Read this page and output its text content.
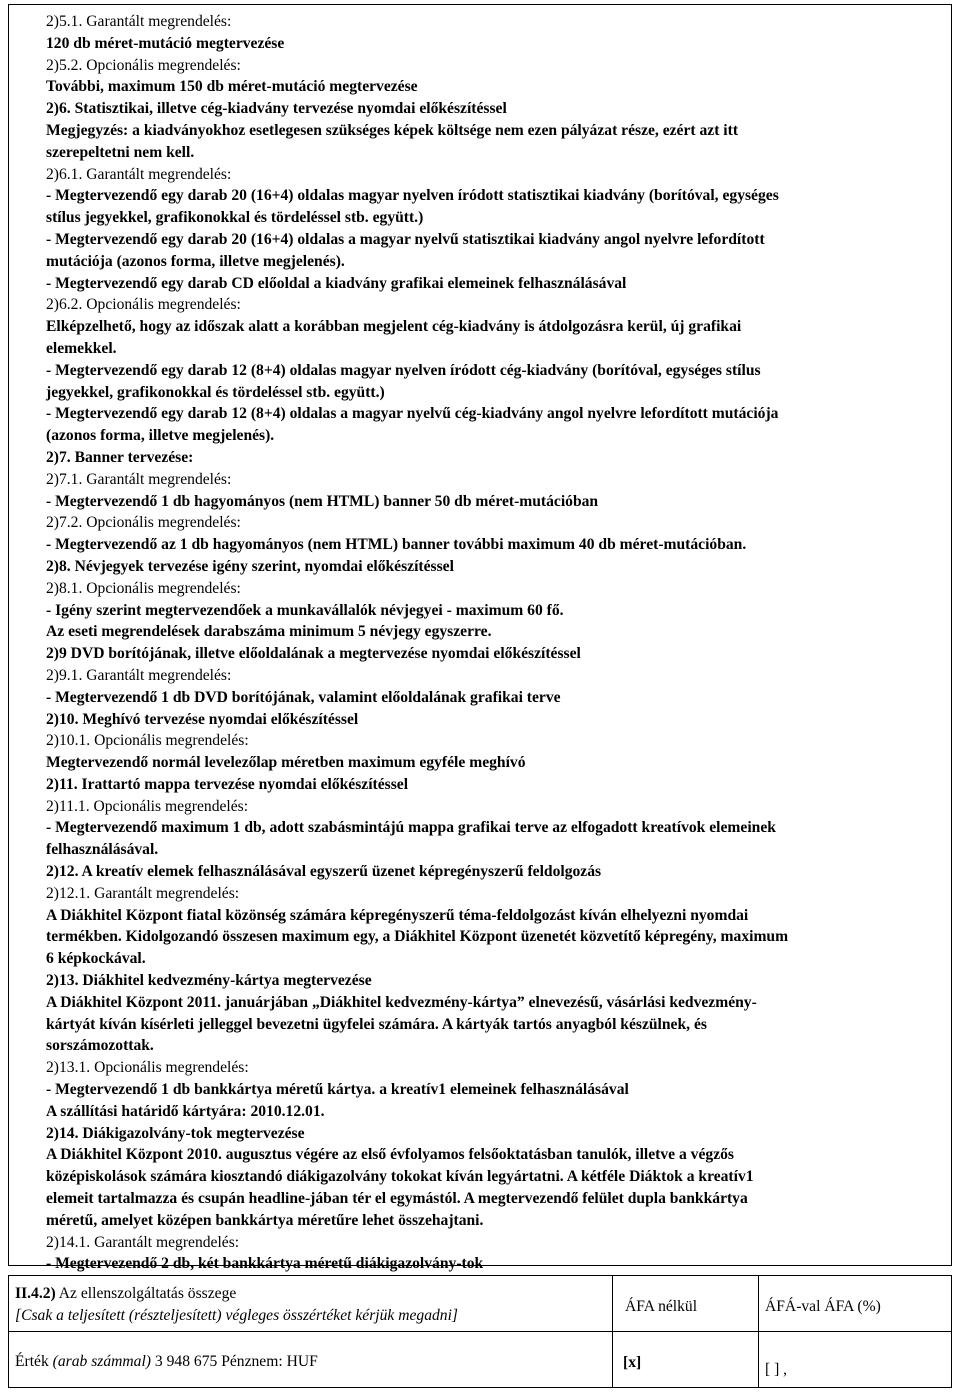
2)5.1. Garantált megrendelés:
120 db méret-mutáció megtervezése
2)5.2. Opcionális megrendelés:
További, maximum 150 db méret-mutáció megtervezése
2)6. Statisztikai, illetve cég-kiadvány tervezése nyomdai előkészítéssel
Megjegyzés: a kiadványokhoz esetlegesen szükséges képek költsége nem ezen pályázat része, ezért azt itt
szerepeltetni nem kell.
2)6.1. Garantált megrendelés:
- Megtervezendő egy darab 20 (16+4) oldalas magyar nyelven íródott statisztikai kiadvány (borítóval, egységes
stílus jegyekkel, grafikonokkal és tördeléssel stb. együtt.)
- Megtervezendő egy darab 20 (16+4) oldalas a magyar nyelvű statisztikai kiadvány angol nyelvre lefordított
mutációja (azonos forma, illetve megjelenés).
- Megtervezendő egy darab CD előoldal a kiadvány grafikai elemeinek felhasználásával
2)6.2. Opcionális megrendelés:
Elképzelhető, hogy az időszak alatt a korábban megjelent cég-kiadvány is átdolgozásra kerül, új grafikai
elemekkel.
- Megtervezendő egy darab 12 (8+4) oldalas magyar nyelven íródott cég-kiadvány (borítóval, egységes stílus
jegyekkel, grafikonokkal és tördeléssel stb. együtt.)
- Megtervezendő egy darab 12 (8+4) oldalas a magyar nyelvű cég-kiadvány angol nyelvre lefordított mutációja
(azonos forma, illetve megjelenés).
2)7. Banner tervezése:
2)7.1. Garantált megrendelés:
- Megtervezendő 1 db hagyományos (nem HTML) banner 50 db méret-mutációban
2)7.2. Opcionális megrendelés:
- Megtervezendő az 1 db hagyományos (nem HTML) banner további maximum 40 db méret-mutációban.
2)8. Névjegyek tervezése igény szerint, nyomdai előkészítéssel
2)8.1. Opcionális megrendelés:
- Igény szerint megtervezendőek a munkavállalók névjegyei - maximum 60 fő.
Az eseti megrendelések darabszáma minimum 5 névjegy egyszerre.
2)9 DVD borítójának, illetve előoldalának a megtervezése nyomdai előkészítéssel
2)9.1. Garantált megrendelés:
- Megtervezendő 1 db DVD borítójának, valamint előoldalának grafikai terve
2)10. Meghívó tervezése nyomdai előkészítéssel
2)10.1. Opcionális megrendelés:
Megtervezendő normál levelezőlap méretben maximum egyféle meghívó
2)11. Irattartó mappa tervezése nyomdai előkészítéssel
2)11.1. Opcionális megrendelés:
- Megtervezendő maximum 1 db, adott szabásmintájú mappa grafikai terve az elfogadott kreatívok elemeinek
felhasználásával.
2)12. A kreatív elemek felhasználásával egyszerű üzenet képregényszerű feldolgozás
2)12.1. Garantált megrendelés:
A Diákhitel Központ fiatal közönség számára képregényszerű téma-feldolgozást kíván elhelyezni nyomdai
termékben. Kidolgozandó összesen maximum egy, a Diákhitel Központ üzenetét közvetítő képregény, maximum
6 képkockával.
2)13. Diákhitel kedvezmény-kártya megtervezése
A Diákhitel Központ 2011. januárjában „Diákhitel kedvezmény-kártya” elnevezésű, vásárlási kedvezmény-
kártyát kíván kísérleti jelleggel bevezetni ügyfelei számára. A kártyák tartós anyagból készülnek, és
sorszámozottak.
2)13.1. Opcionális megrendelés:
- Megtervezendő 1 db bankkártya méretű kártya. a kreatív1 elemeinek felhasználásával
A szállítási határidő kártyára: 2010.12.01.
2)14. Diákigazolvány-tok megtervezése
A Diákhitel Központ 2010. augusztus végére az első évfolyamos felsőoktatásban tanulók, illetve a végzős
középiskolások számára kiosztandó diákigazolvány tokokat kíván legyártatni. A kétféle Diáktok a kreatív1
elemeit tartalmazza és csupán headline-jában tér el egymástól. A megtervezendő felület dupla bankkártya
méretű, amelyet középen bankkártya méretűre lehet összehajtani.
2)14.1. Garantált megrendelés:
- Megtervezendő 2 db, két bankkártya méretű diákigazolvány-tok
II.4.2) Az ellenszolgáltatás összege
[Csak a teljesített (részteljesített) végleges összértéket kérjük megadni]
ÁFA nélkül	ÁFÁ-val ÁFA (%)
Érték (arab számmal) 3 948 675 Pénznem: HUF	[x]	[ ] ,
